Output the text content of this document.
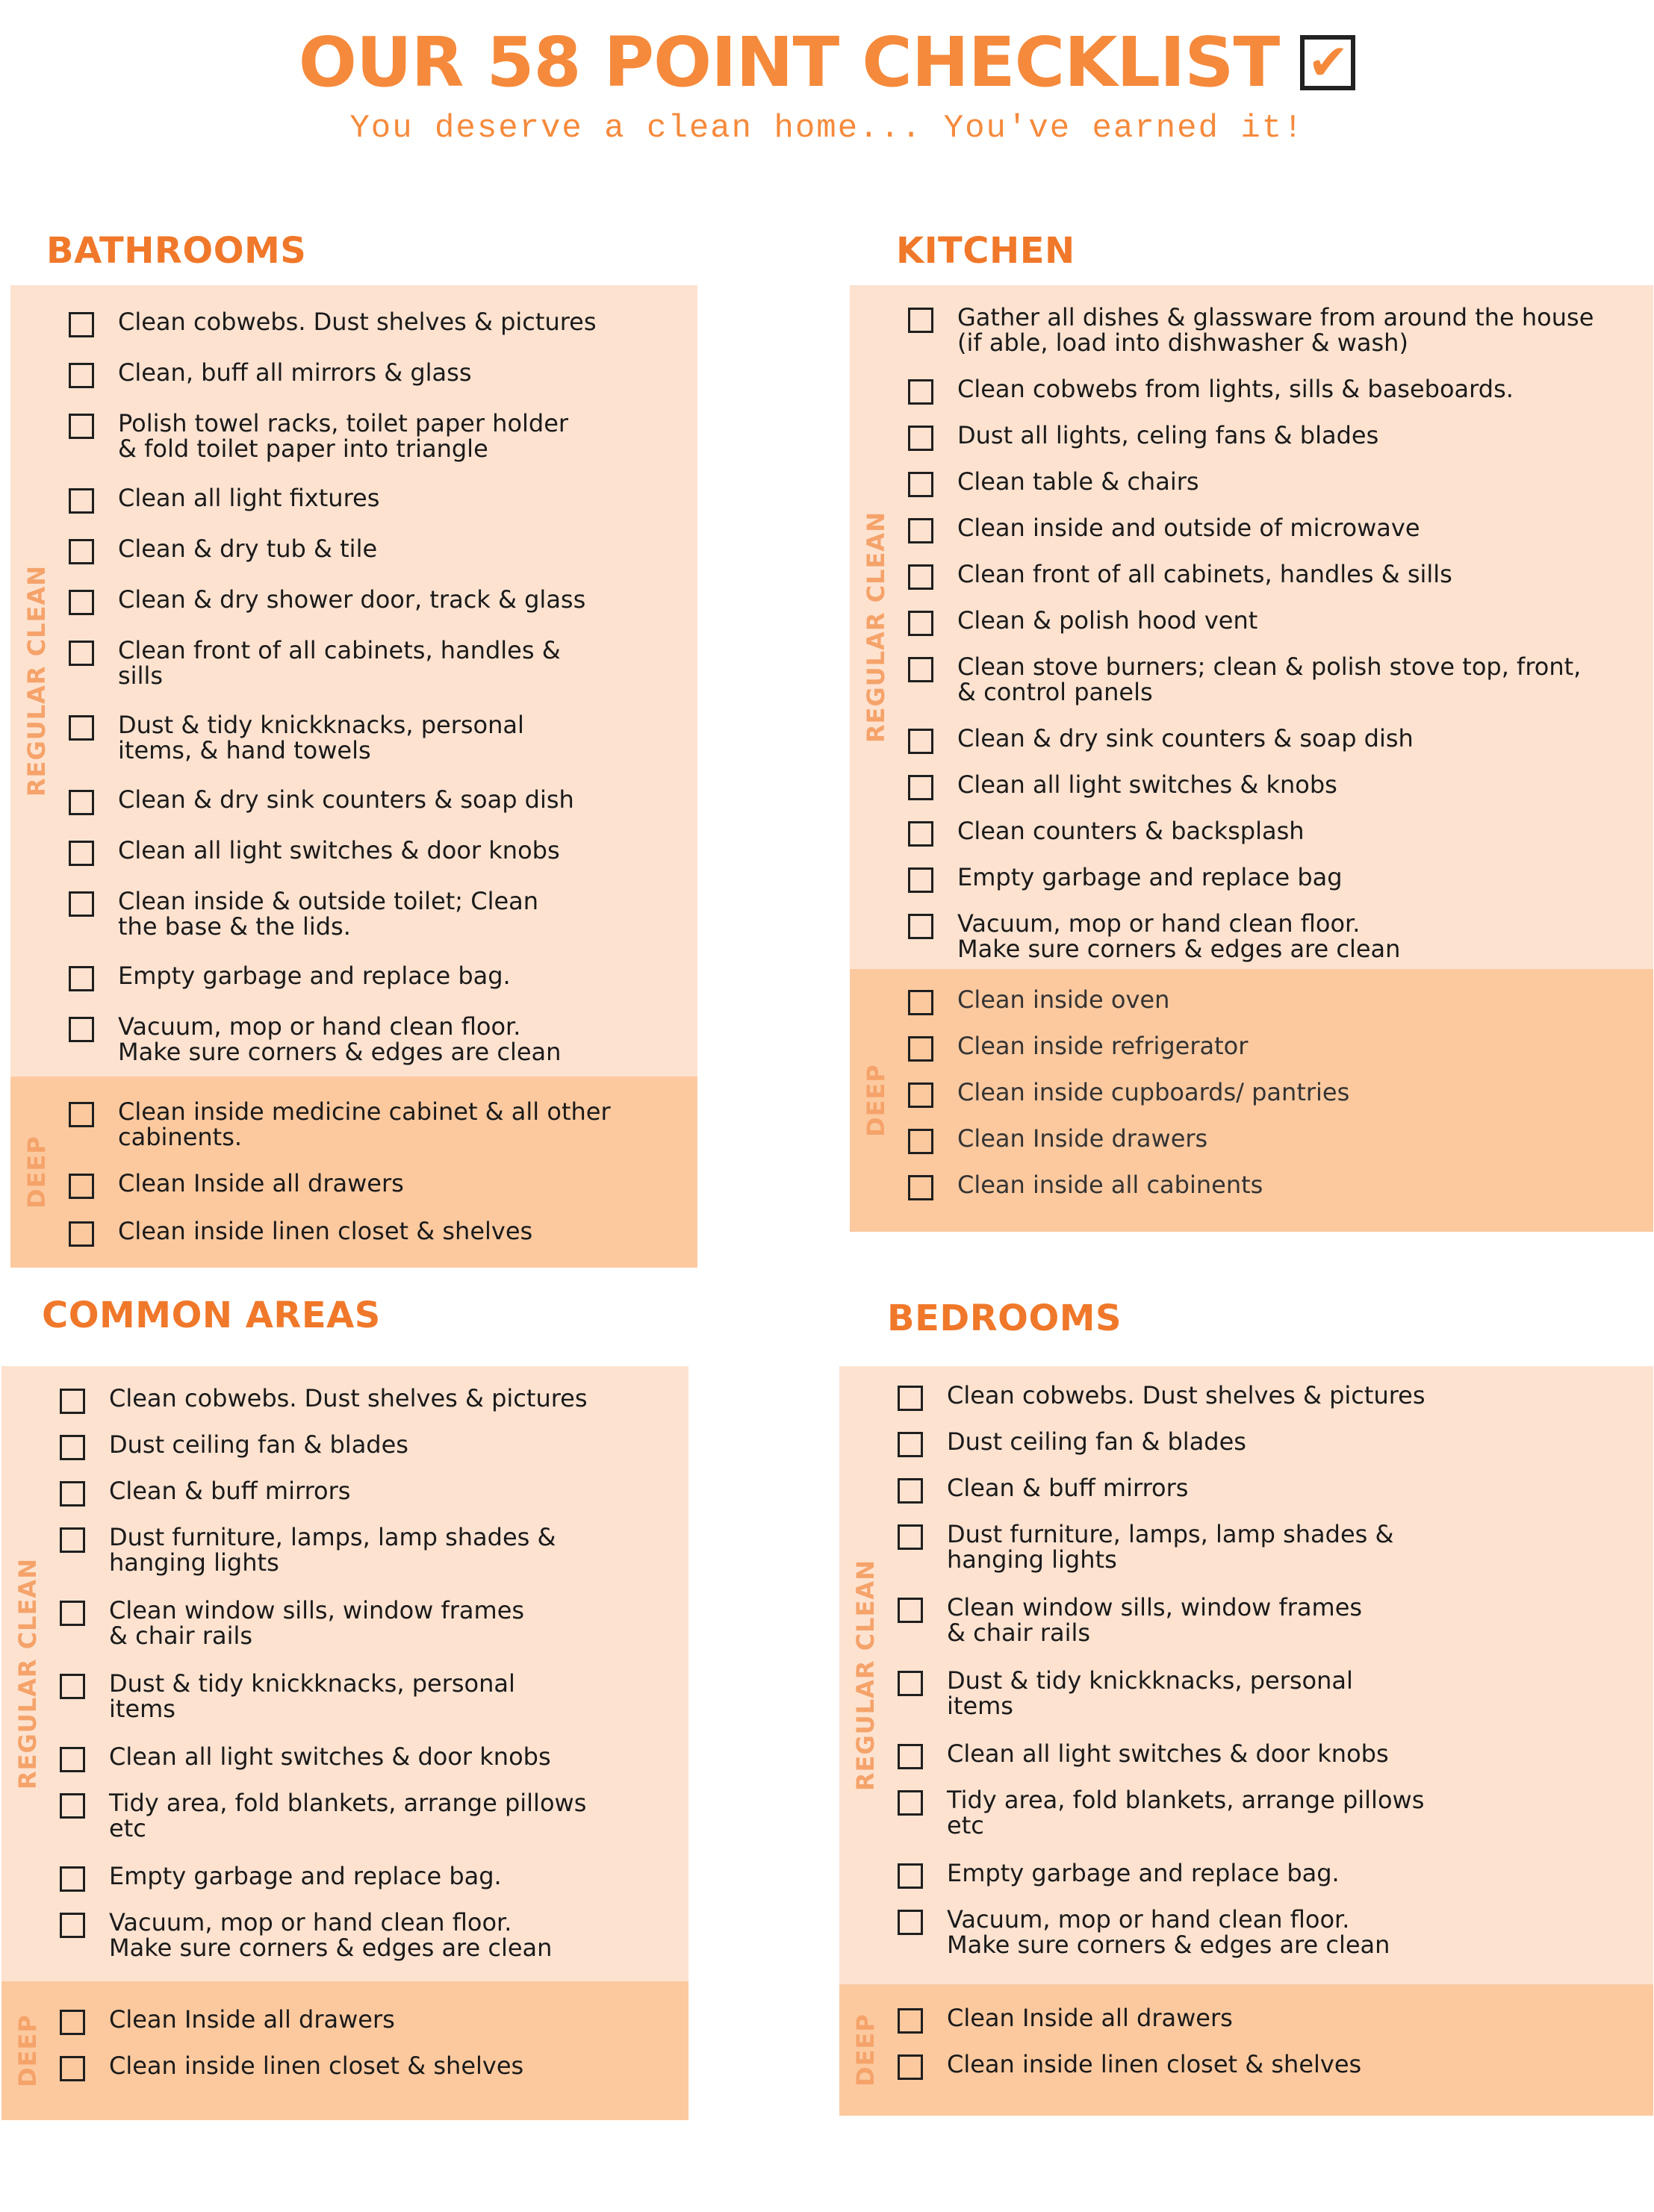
OUR 58 POINT CHECKLIST ✔
You deserve a clean home... You've earned it!
BATHROOMS
REGULAR CLEAN
Clean cobwebs. Dust shelves & pictures
Clean, buff all mirrors & glass
Polish towel racks, toilet paper holder
& fold toilet paper into triangle
Clean all light fixtures
Clean & dry tub & tile
Clean & dry shower door, track & glass
Clean front of all cabinets, handles &
sills
Dust & tidy knickknacks, personal
items, & hand towels
Clean & dry sink counters & soap dish
Clean all light switches & door knobs
Clean inside & outside toilet; Clean
the base & the lids.
Empty garbage and replace bag.
Vacuum, mop or hand clean floor.
Make sure corners & edges are clean
DEEP
Clean inside medicine cabinet & all other
cabinents.
Clean Inside all drawers
Clean inside linen closet & shelves
KITCHEN
REGULAR CLEAN
Gather all dishes & glassware from around the house
(if able, load into dishwasher & wash)
Clean cobwebs from lights, sills & baseboards.
Dust all lights, celing fans & blades
Clean table & chairs
Clean inside and outside of microwave
Clean front of all cabinets, handles & sills
Clean & polish hood vent
Clean stove burners; clean & polish stove top, front,
& control panels
Clean & dry sink counters & soap dish
Clean all light switches & knobs
Clean counters & backsplash
Empty garbage and replace bag
Vacuum, mop or hand clean floor.
Make sure corners & edges are clean
DEEP
Clean inside oven
Clean inside refrigerator
Clean inside cupboards/ pantries
Clean Inside drawers
Clean inside all cabinents
COMMON AREAS
REGULAR CLEAN
Clean cobwebs. Dust shelves & pictures
Dust ceiling fan & blades
Clean & buff mirrors
Dust furniture, lamps, lamp shades &
hanging lights
Clean window sills, window frames
& chair rails
Dust & tidy knickknacks, personal
items
Clean all light switches & door knobs
Tidy area, fold blankets, arrange pillows
etc
Empty garbage and replace bag.
Vacuum, mop or hand clean floor.
Make sure corners & edges are clean
DEEP	Clean Inside all drawers
Clean inside linen closet & shelves
BEDROOMS
REGULAR CLEAN
Clean cobwebs. Dust shelves & pictures
Dust ceiling fan & blades
Clean & buff mirrors
Dust furniture, lamps, lamp shades &
hanging lights
Clean window sills, window frames
& chair rails
Dust & tidy knickknacks, personal
items
Clean all light switches & door knobs
Tidy area, fold blankets, arrange pillows
etc
Empty garbage and replace bag.
Vacuum, mop or hand clean floor.
Make sure corners & edges are clean
DEEP	Clean Inside all drawers
Clean inside linen closet & shelves
